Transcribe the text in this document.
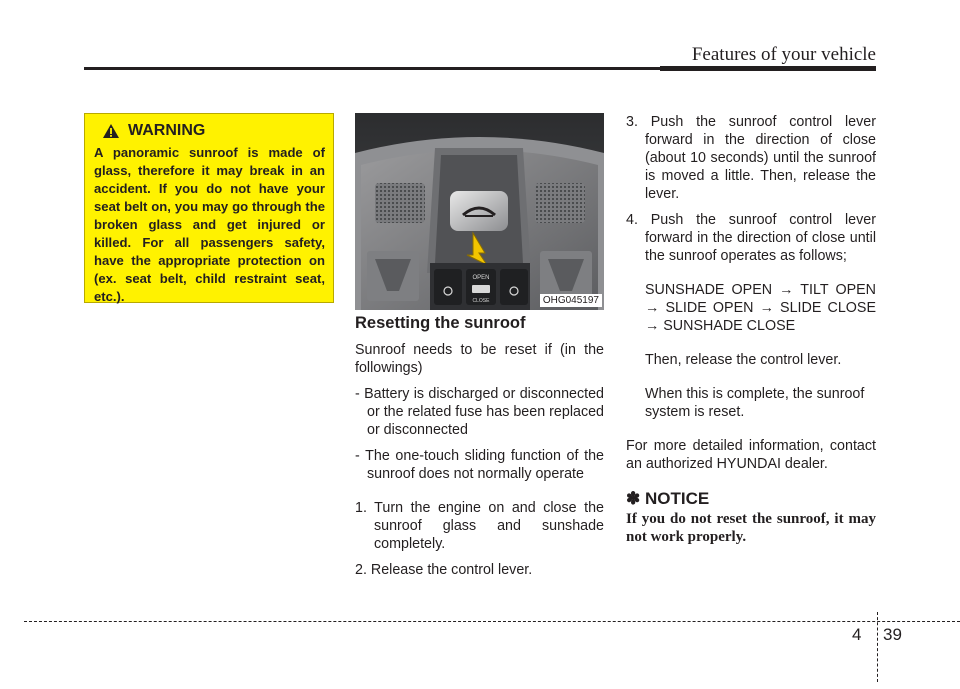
Features of your vehicle
WARNING
A panoramic sunroof is made of glass, therefore it may break in an accident. If you do not have your seat belt on, you may go through the broken glass and get injured or killed. For all passengers safety, have the appropriate protection on (ex. seat belt, child restraint seat, etc.).
OPEN
CLOSE	OHG045197
Resetting the sunroof

Sunroof needs to be reset if (in the followings)

- Battery is discharged or disconnected or the related fuse has been replaced or disconnected

- The one-touch sliding function of the sunroof does not normally operate

1. Turn the engine on and close the sunroof glass and sunshade completely.

2. Release the control lever.

3. Push the sunroof control lever forward in the direction of close (about 10 seconds) until the sunroof is moved a little. Then, release the lever.

4. Push the sunroof control lever forward in the direction of close until the sunroof operates as follows;

SUNSHADE OPEN → TILT OPEN → SLIDE OPEN → SLIDE CLOSE → SUNSHADE CLOSE

Then, release the control lever.

When this is complete, the sunroof system is reset.

For more detailed information, contact an authorized HYUNDAI dealer.

✽ NOTICE
If you do not reset the sunroof, it may not work properly.
4 39
